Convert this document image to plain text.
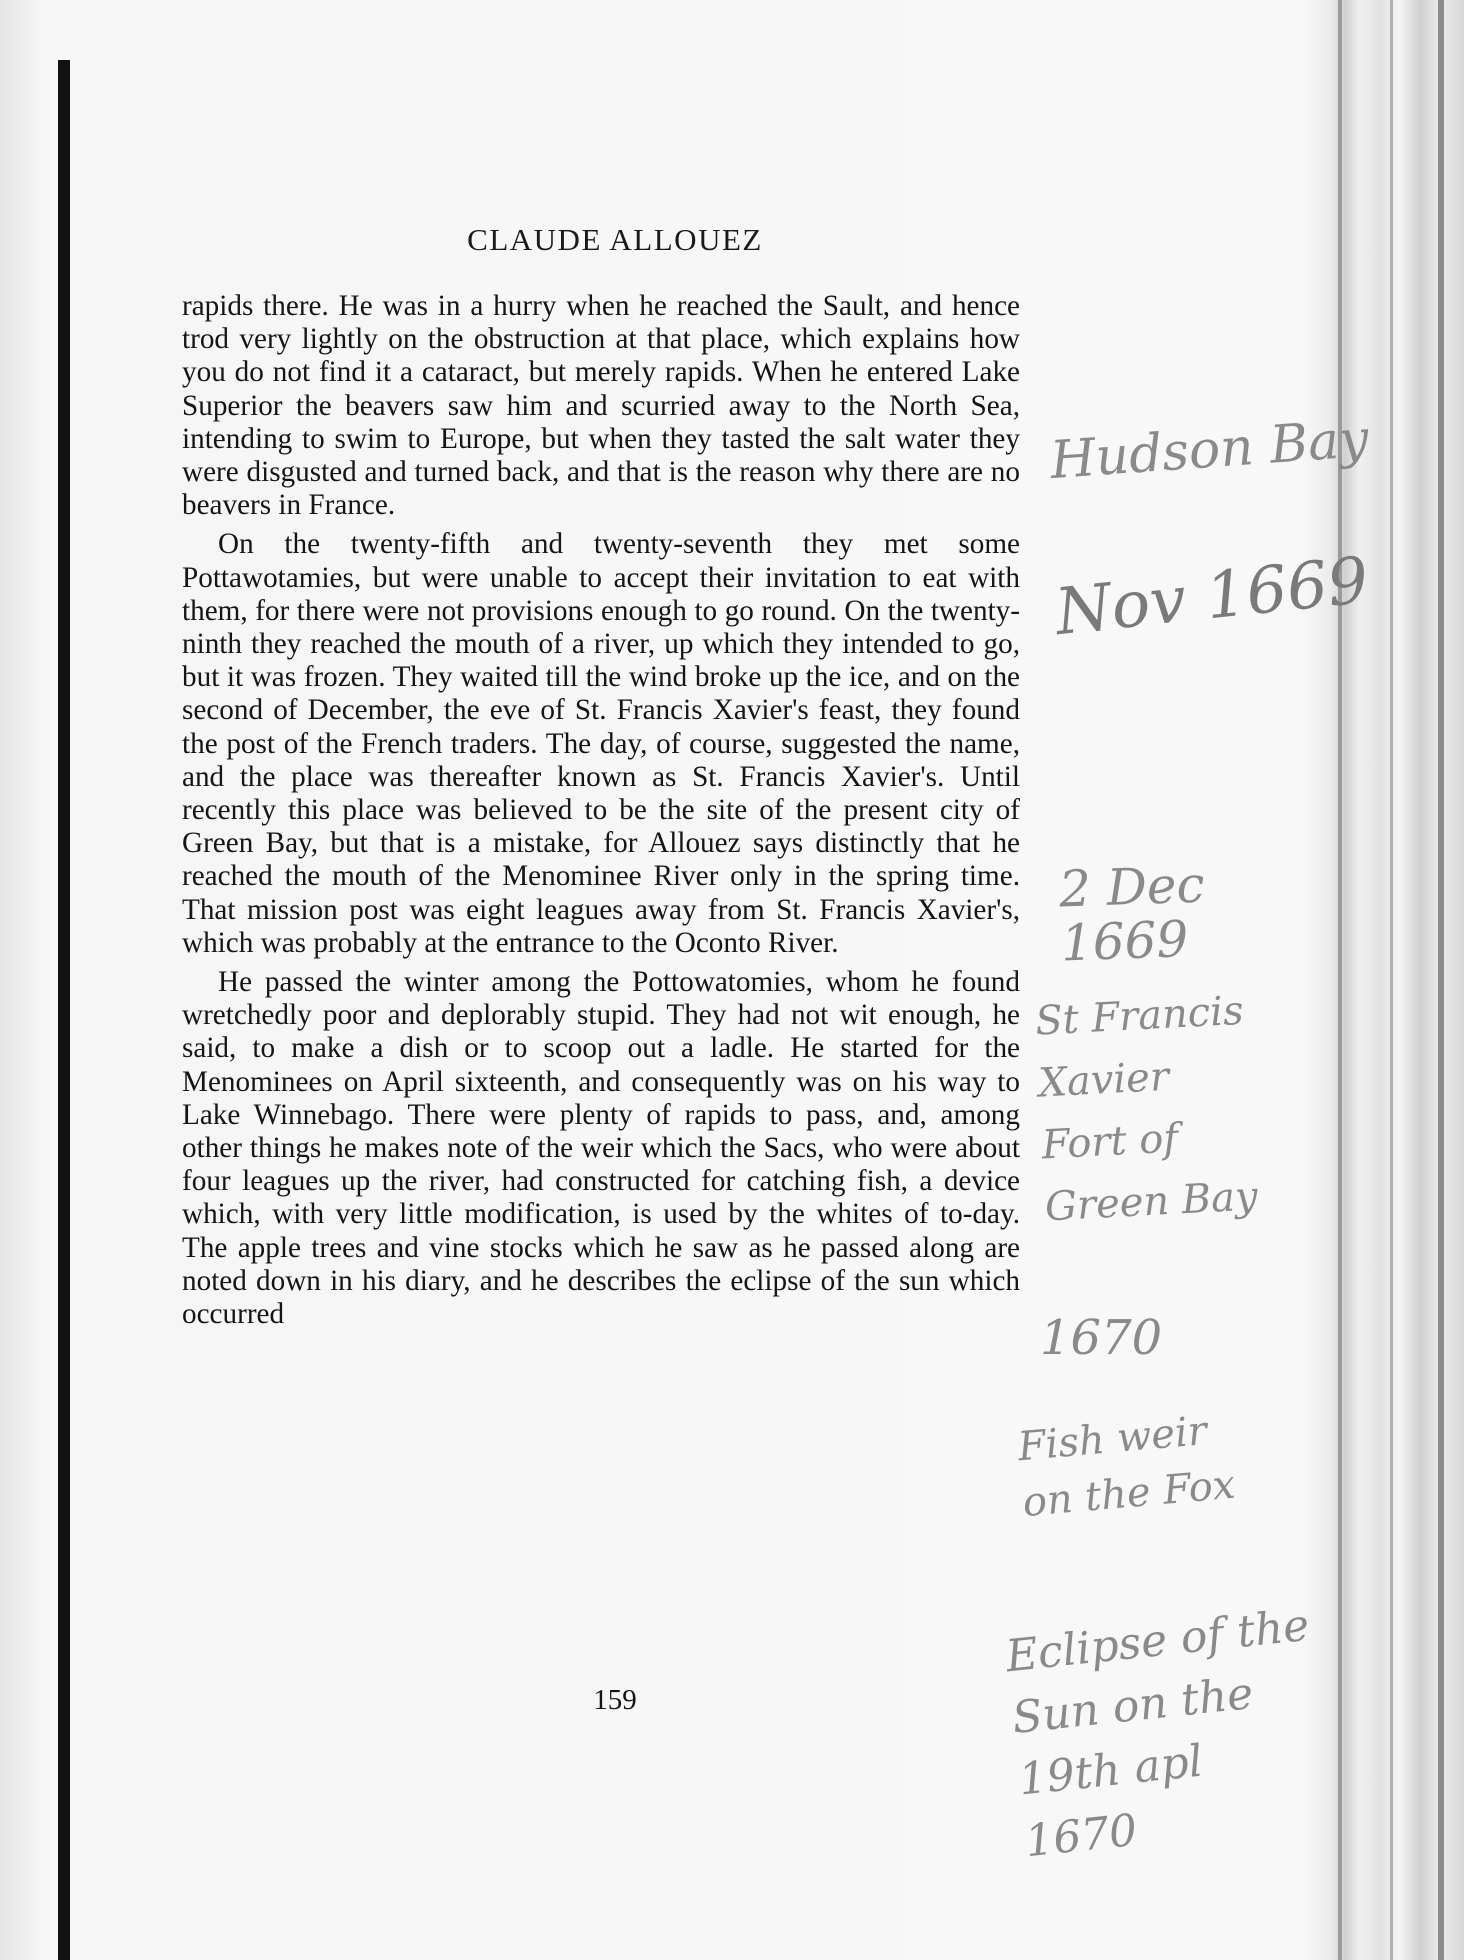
CLAUDE ALLOUEZ

rapids there. He was in a hurry when he reached the Sault, and hence trod very lightly on the obstruction at that place, which explains how you do not find it a cataract, but merely rapids. When he entered Lake Superior the beavers saw him and scurried away to the North Sea, intending to swim to Europe, but when they tasted the salt water they were disgusted and turned back, and that is the reason why there are no beavers in France.

On the twenty-fifth and twenty-seventh they met some Pottawotamies, but were unable to accept their invitation to eat with them, for there were not provisions enough to go round. On the twenty-ninth they reached the mouth of a river, up which they intended to go, but it was frozen. They waited till the wind broke up the ice, and on the second of December, the eve of St. Francis Xavier's feast, they found the post of the French traders. The day, of course, suggested the name, and the place was thereafter known as St. Francis Xavier's. Until recently this place was believed to be the site of the present city of Green Bay, but that is a mistake, for Allouez says distinctly that he reached the mouth of the Menominee River only in the spring time. That mission post was eight leagues away from St. Francis Xavier's, which was probably at the entrance to the Oconto River.

He passed the winter among the Pottowatomies, whom he found wretchedly poor and deplorably stupid. They had not wit enough, he said, to make a dish or to scoop out a ladle. He started for the Menominees on April sixteenth, and consequently was on his way to Lake Winnebago. There were plenty of rapids to pass, and, among other things he makes note of the weir which the Sacs, who were about four leagues up the river, had constructed for catching fish, a device which, with very little modification, is used by the whites of to-day. The apple trees and vine stocks which he saw as he passed along are noted down in his diary, and he describes the eclipse of the sun which occurred

159
Hudson Bay
Nov 1669
2 Dec
1669
St Francis
Xavier
Fort of
Green Bay
1670
Fish weir
on the Fox
Eclipse of the
Sun on the
19th apl
1670
